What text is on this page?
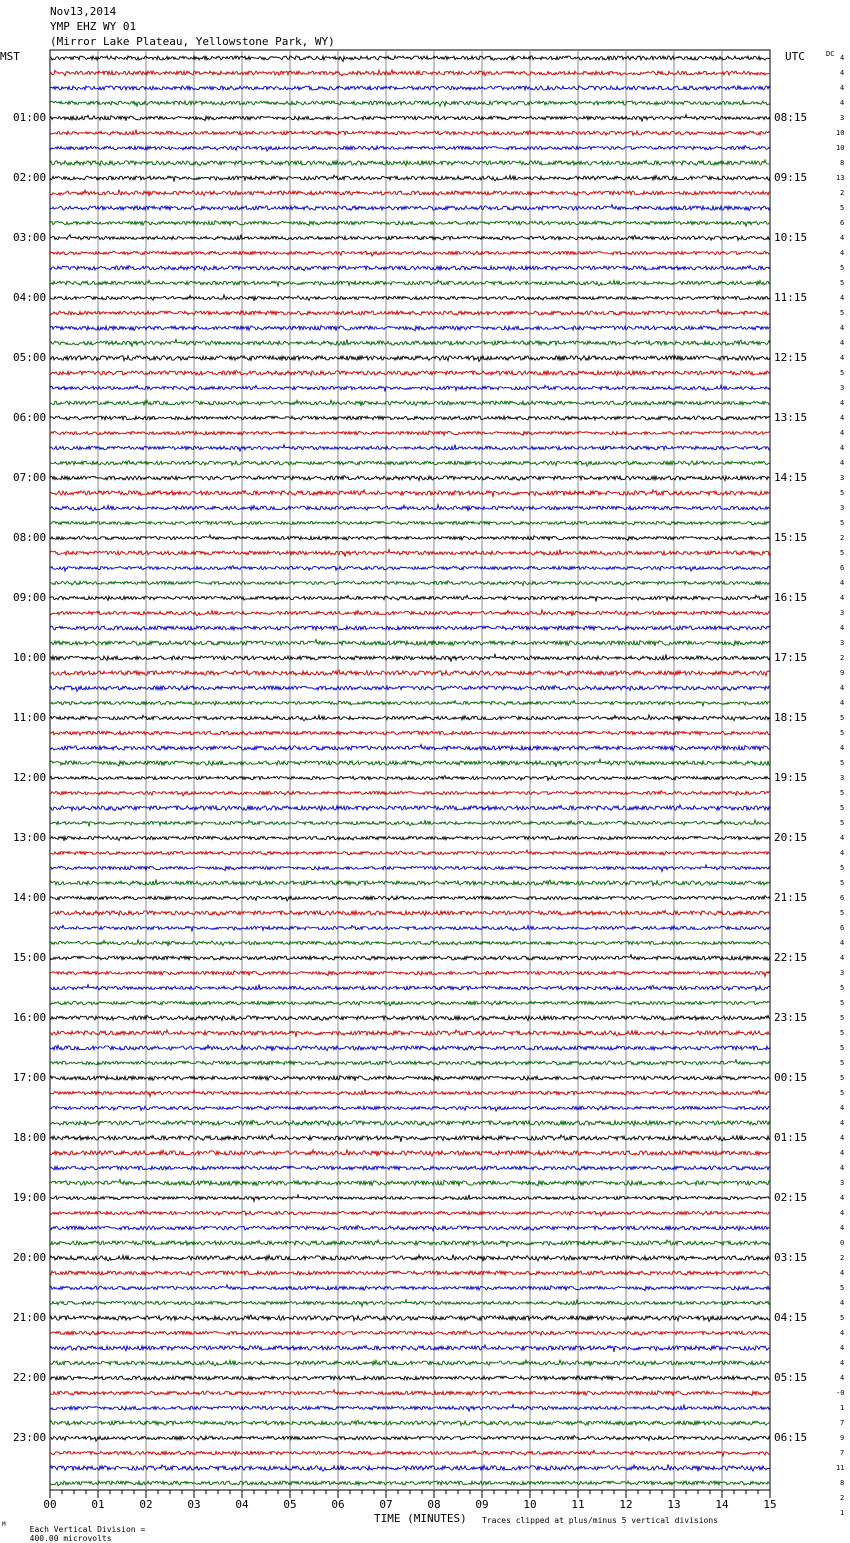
Nov13,2014
YMP EHZ WY 01
(Mirror Lake Plateau, Yellowstone Park, WY)
MST	UTC	DC
00	01	02	03	04	05	06	07	08	09	10	11	12	13	14	15
01:00
02:00
03:00
04:00
05:00
06:00
07:00
08:00
09:00
10:00
11:00
12:00
13:00
14:00
15:00
16:00
17:00
18:00
19:00
20:00
21:00
22:00
23:00
08:15
09:15
10:15
11:15
12:15
13:15
14:15
15:15
16:15
17:15
18:15
19:15
20:15
21:15
22:15
23:15
00:15
01:15
02:15
03:15
04:15
05:15
06:15
4
4
4
4
3
10
10
8
13
2
5
6
4
4
5
5
4
5
4
4
4
5
3
4
4
4
4
4
3
5
3
5
2
5
6
4
4
3
4
3
2
9
4
4
5
5
4
5
3
5
5
5
4
4
5
5
6
5
6
4
4
3
5
5
5
5
5
5
5
5
4
4
4
4
4
3
4
4
4
0
2
4
5
4
5
4
4
4
4
-0
1
7
9
7
11
8
2
1
M

Each Vertical Division =
400.00 microvolts

TIME (MINUTES) Traces clipped at plus/minus 5 vertical divisions
